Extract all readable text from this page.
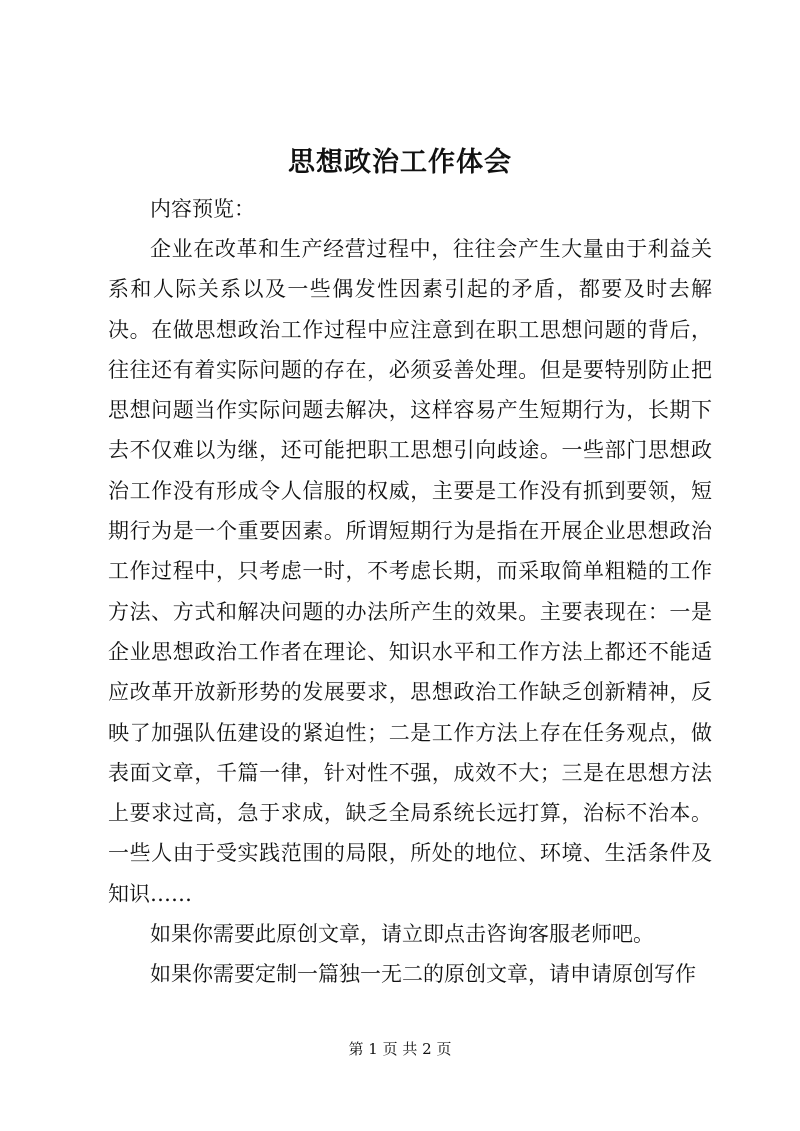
思想政治工作体会

内容预览：

企业在改革和生产经营过程中，往往会产生大量由于利益关系和人际关系以及一些偶发性因素引起的矛盾，都要及时去解决。在做思想政治工作过程中应注意到在职工思想问题的背后，往往还有着实际问题的存在，必须妥善处理。但是要特别防止把思想问题当作实际问题去解决，这样容易产生短期行为，长期下去不仅难以为继，还可能把职工思想引向歧途。一些部门思想政治工作没有形成令人信服的权威，主要是工作没有抓到要领，短期行为是一个重要因素。所谓短期行为是指在开展企业思想政治工作过程中，只考虑一时，不考虑长期，而采取简单粗糙的工作方法、方式和解决问题的办法所产生的效果。主要表现在：一是企业思想政治工作者在理论、知识水平和工作方法上都还不能适应改革开放新形势的发展要求，思想政治工作缺乏创新精神，反映了加强队伍建设的紧迫性；二是工作方法上存在任务观点，做表面文章，千篇一律，针对性不强，成效不大；三是在思想方法上要求过高，急于求成，缺乏全局系统长远打算，治标不治本。一些人由于受实践范围的局限，所处的地位、环境、生活条件及知识……

如果你需要此原创文章，请立即点击咨询客服老师吧。

如果你需要定制一篇独一无二的原创文章，请申请原创写作

第 1 页 共 2 页
